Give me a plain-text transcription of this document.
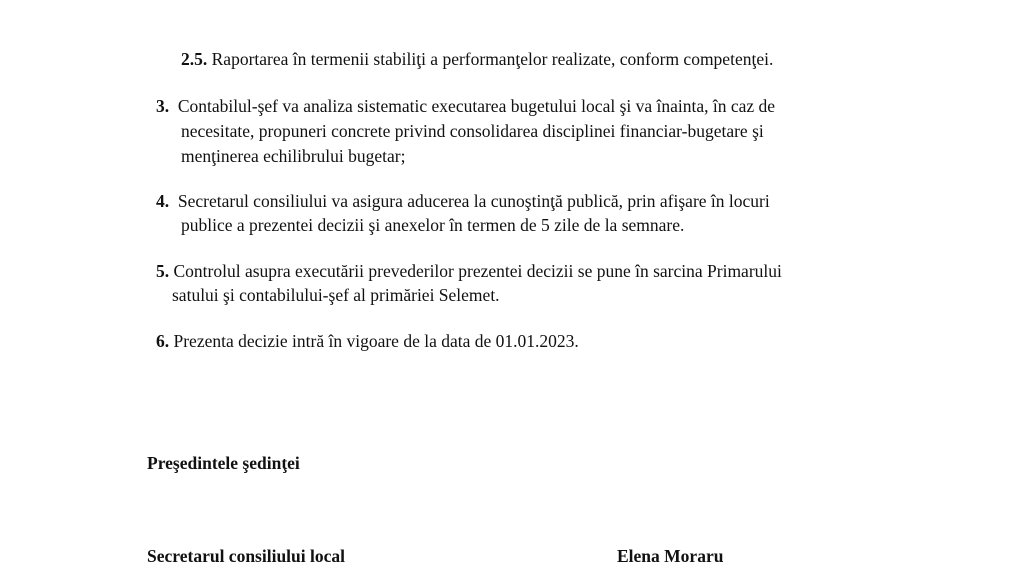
2.5. Raportarea în termenii stabiliţi a performanţelor realizate, conform competenţei.
3. Contabilul-şef va analiza sistematic executarea bugetului local şi va înainta, în caz de
necesitate, propuneri concrete privind consolidarea disciplinei financiar-bugetare şi
menţinerea echilibrului bugetar;
4. Secretarul consiliului va asigura aducerea la cunoştinţă publică, prin afişare în locuri
publice a prezentei decizii şi anexelor în termen de 5 zile de la semnare.
5. Controlul asupra executării prevederilor prezentei decizii se pune în sarcina Primarului
satului şi contabilului-şef al primăriei Selemet.
6. Prezenta decizie intră în vigoare de la data de 01.01.2023.
Preşedintele şedinţei
Secretarul consiliului local	Elena Moraru
